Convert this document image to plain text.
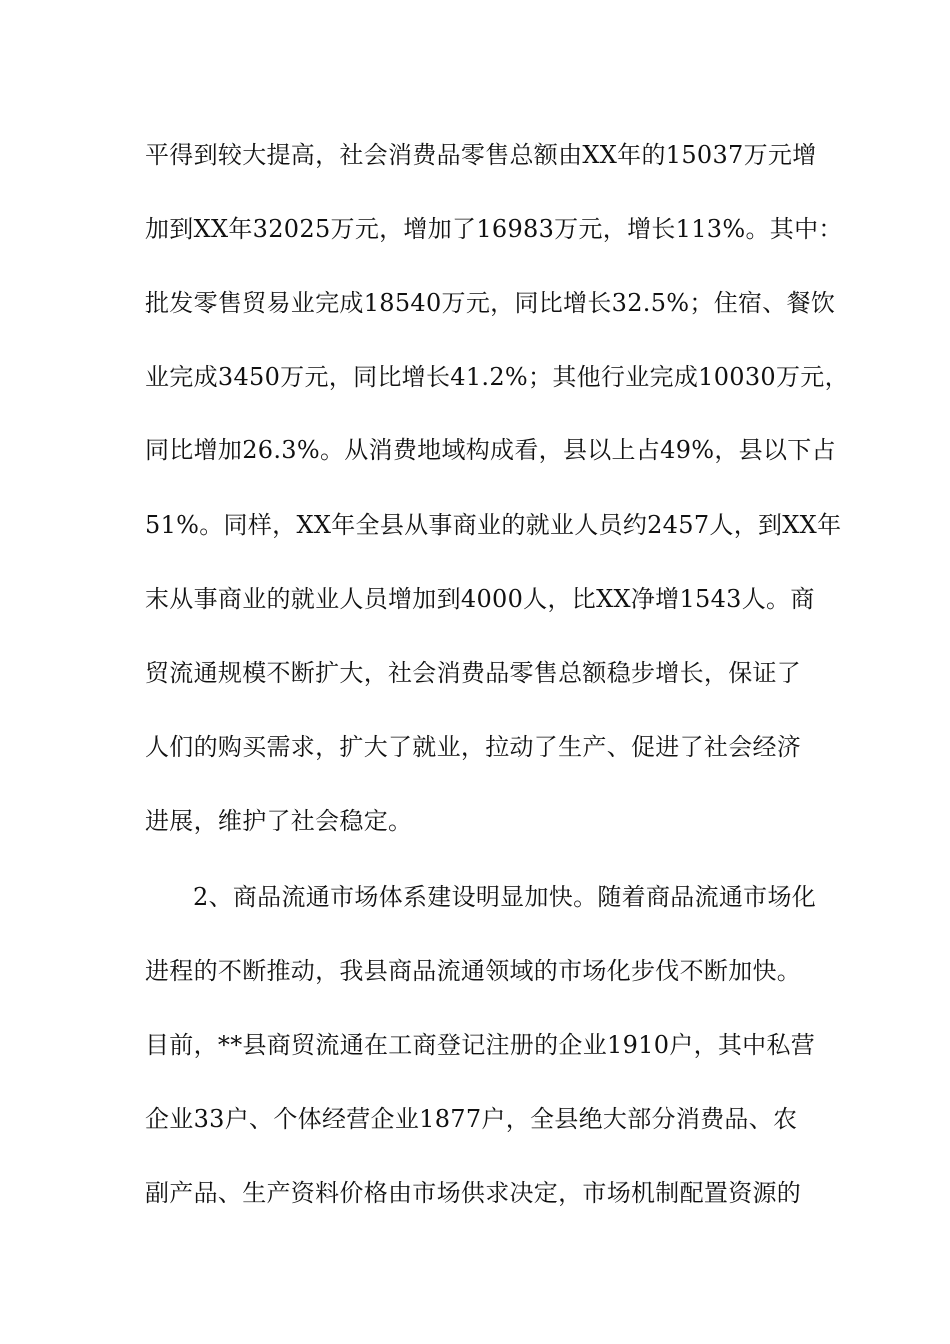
平得到较大提高，社会消费品零售总额由XX年的15037万元增
加到XX年32025万元，增加了16983万元，增长113%。其中：
批发零售贸易业完成18540万元，同比增长32.5%；住宿、餐饮
业完成3450万元，同比增长41.2%；其他行业完成10030万元，
同比增加26.3%。从消费地域构成看，县以上占49%，县以下占
51%。同样，XX年全县从事商业的就业人员约2457人，到XX年
末从事商业的就业人员增加到4000人，比XX净增1543人。商
贸流通规模不断扩大，社会消费品零售总额稳步增长，保证了
人们的购买需求，扩大了就业，拉动了生产、促进了社会经济
进展，维护了社会稳定。
2、商品流通市场体系建设明显加快。随着商品流通市场化
进程的不断推动，我县商品流通领域的市场化步伐不断加快。
目前，**县商贸流通在工商登记注册的企业1910户，其中私营
企业33户、个体经营企业1877户，全县绝大部分消费品、农
副产品、生产资料价格由市场供求决定，市场机制配置资源的
